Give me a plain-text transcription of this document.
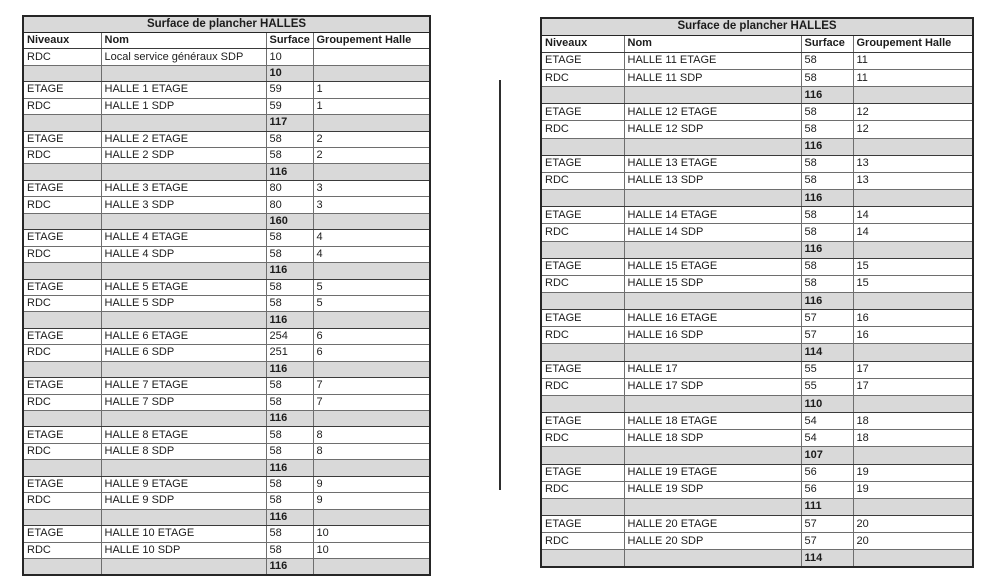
Surface de plancher HALLES			
Niveaux	Nom	Surface	Groupement Halle
RDC	Local service généraux SDP	10	
		10	
ETAGE	HALLE 1 ETAGE	59	1
RDC	HALLE 1 SDP	59	1
		117	
ETAGE	HALLE 2 ETAGE	58	2
RDC	HALLE 2 SDP	58	2
		116	
ETAGE	HALLE 3 ETAGE	80	3
RDC	HALLE 3 SDP	80	3
		160	
ETAGE	HALLE 4 ETAGE	58	4
RDC	HALLE 4 SDP	58	4
		116	
ETAGE	HALLE 5 ETAGE	58	5
RDC	HALLE 5 SDP	58	5
		116	
ETAGE	HALLE 6 ETAGE	254	6
RDC	HALLE 6 SDP	251	6
		116	
ETAGE	HALLE 7 ETAGE	58	7
RDC	HALLE 7 SDP	58	7
		116	
ETAGE	HALLE 8 ETAGE	58	8
RDC	HALLE 8 SDP	58	8
		116	
ETAGE	HALLE 9 ETAGE	58	9
RDC	HALLE 9 SDP	58	9
		116	
ETAGE	HALLE 10 ETAGE	58	10
RDC	HALLE 10 SDP	58	10
		116	
Surface de plancher HALLES			
Niveaux	Nom	Surface	Groupement Halle
ETAGE	HALLE 11 ETAGE	58	11
RDC	HALLE 11 SDP	58	11
		116	
ETAGE	HALLE 12 ETAGE	58	12
RDC	HALLE 12 SDP	58	12
		116	
ETAGE	HALLE 13 ETAGE	58	13
RDC	HALLE 13 SDP	58	13
		116	
ETAGE	HALLE 14 ETAGE	58	14
RDC	HALLE 14 SDP	58	14
		116	
ETAGE	HALLE 15 ETAGE	58	15
RDC	HALLE 15 SDP	58	15
		116	
ETAGE	HALLE 16 ETAGE	57	16
RDC	HALLE 16 SDP	57	16
		114	
ETAGE	HALLE 17	55	17
RDC	HALLE 17 SDP	55	17
		110	
ETAGE	HALLE 18 ETAGE	54	18
RDC	HALLE 18 SDP	54	18
		107	
ETAGE	HALLE 19 ETAGE	56	19
RDC	HALLE 19 SDP	56	19
		111	
ETAGE	HALLE 20 ETAGE	57	20
RDC	HALLE 20 SDP	57	20
		114	
